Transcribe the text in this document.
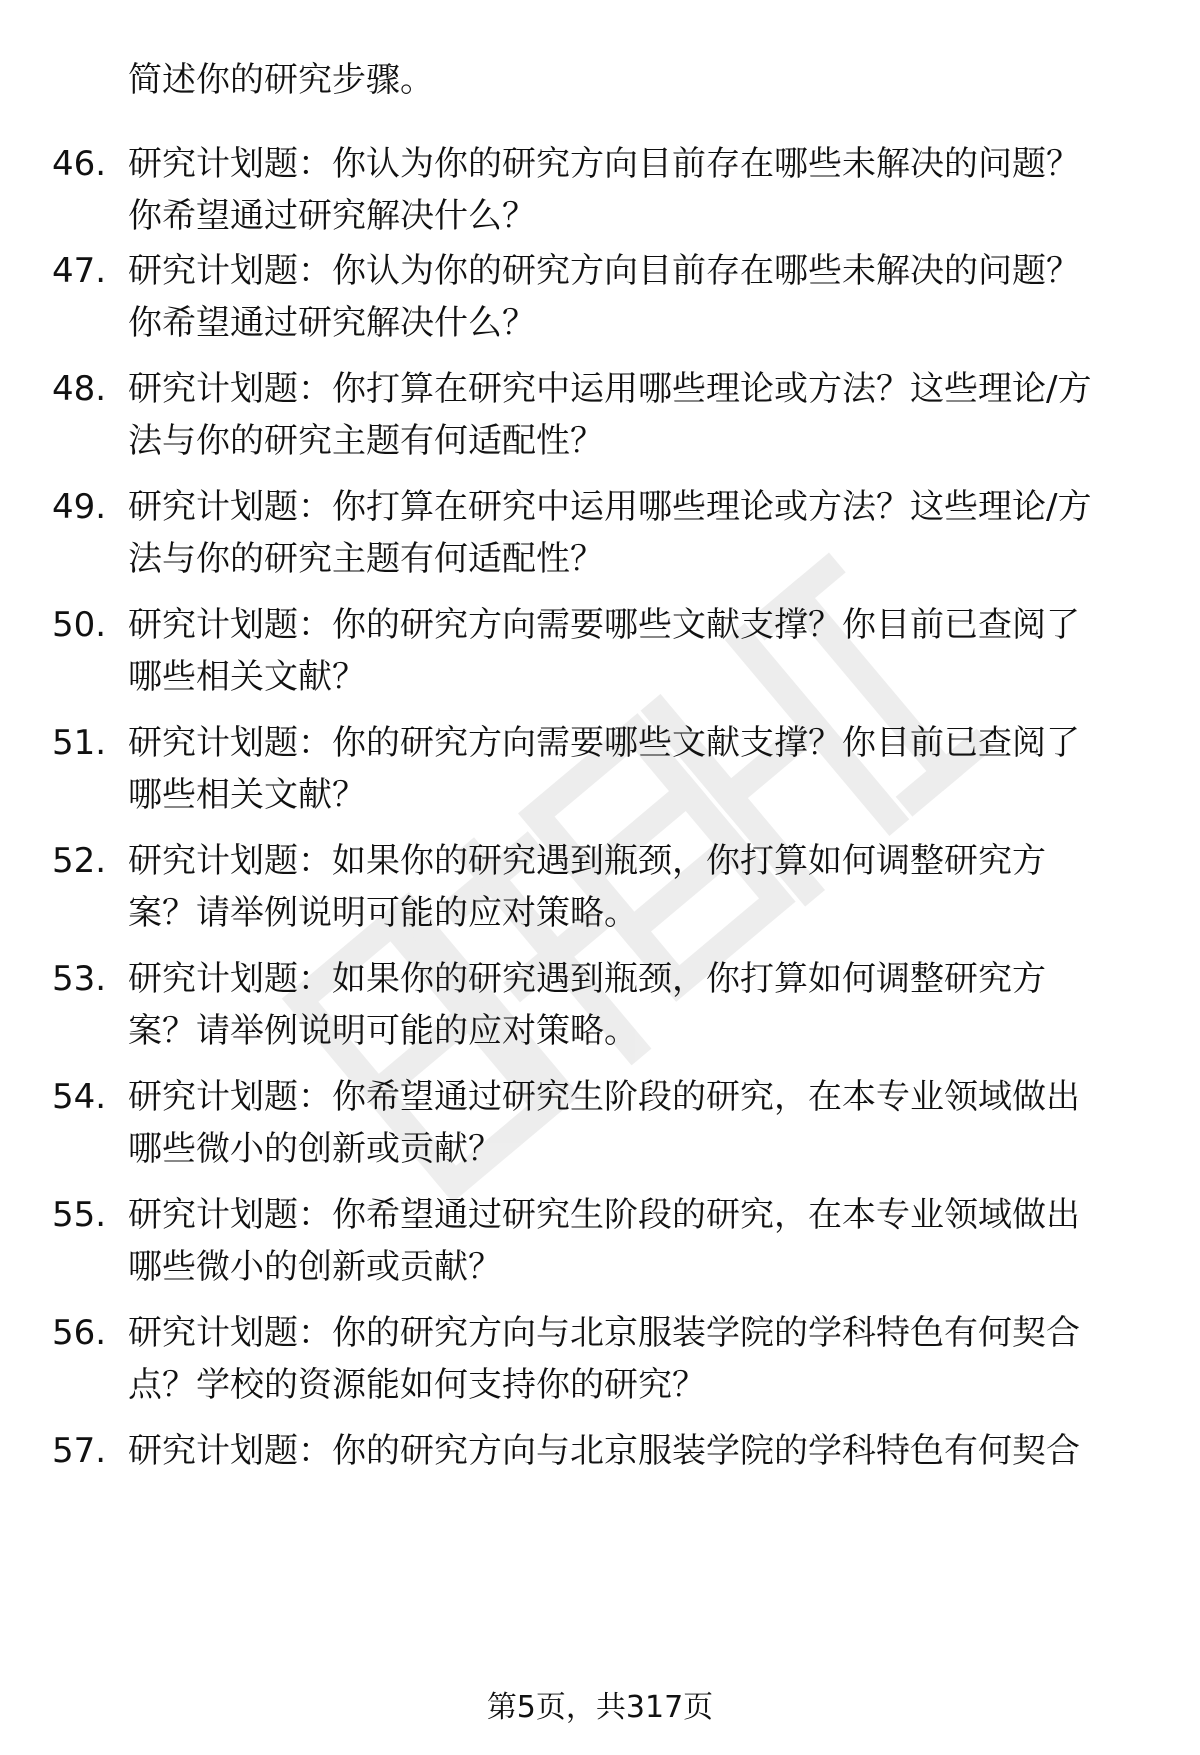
简述你的研究步骤。
46. 研究计划题：你认为你的研究方向目前存在哪些未解决的问题？
你希望通过研究解决什么？
47. 研究计划题：你认为你的研究方向目前存在哪些未解决的问题？
你希望通过研究解决什么？
48. 研究计划题：你打算在研究中运用哪些理论或方法？这些理论/方
法与你的研究主题有何适配性？
49. 研究计划题：你打算在研究中运用哪些理论或方法？这些理论/方
法与你的研究主题有何适配性？
50. 研究计划题：你的研究方向需要哪些文献支撑？你目前已查阅了
哪些相关文献？
51. 研究计划题：你的研究方向需要哪些文献支撑？你目前已查阅了
哪些相关文献？
52. 研究计划题：如果你的研究遇到瓶颈，你打算如何调整研究方
案？请举例说明可能的应对策略。
53. 研究计划题：如果你的研究遇到瓶颈，你打算如何调整研究方
案？请举例说明可能的应对策略。
54. 研究计划题：你希望通过研究生阶段的研究，在本专业领域做出
哪些微小的创新或贡献？
55. 研究计划题：你希望通过研究生阶段的研究，在本专业领域做出
哪些微小的创新或贡献？
56. 研究计划题：你的研究方向与北京服装学院的学科特色有何契合
点？学校的资源能如何支持你的研究？
57. 研究计划题：你的研究方向与北京服装学院的学科特色有何契合
第5页，共317页
